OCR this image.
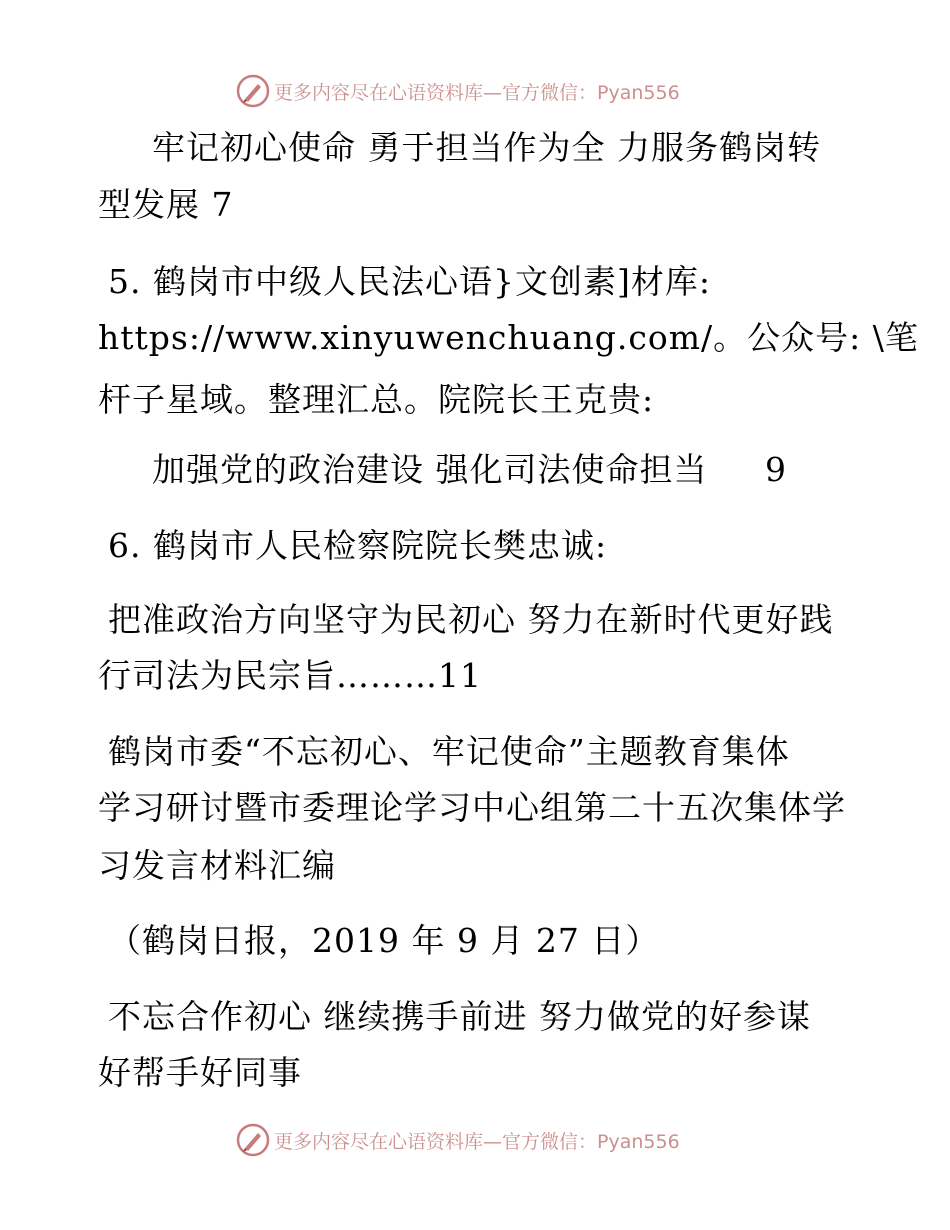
更多内容尽在心语资料库—官方微信：Pyan556
牢记初心使命 勇于担当作为全 力服务鹤岗转
型发展 7
5. 鹤岗市中级人民法心语}文创素]材库:
https://www.xinyuwenchuang.com/。公众号: \笔
杆子星域。整理汇总。院院长王克贵:
加强党的政治建设 强化司法使命担当     9
6. 鹤岗市人民检察院院长樊忠诚:
把准政治方向坚守为民初心 努力在新时代更好践
行司法为民宗旨………11
鹤岗市委“不忘初心、牢记使命”主题教育集体
学习研讨暨市委理论学习中心组第二十五次集体学
习发言材料汇编
（鹤岗日报，2019 年 9 月 27 日）
不忘合作初心 继续携手前进 努力做党的好参谋
好帮手好同事
更多内容尽在心语资料库—官方微信：Pyan556
